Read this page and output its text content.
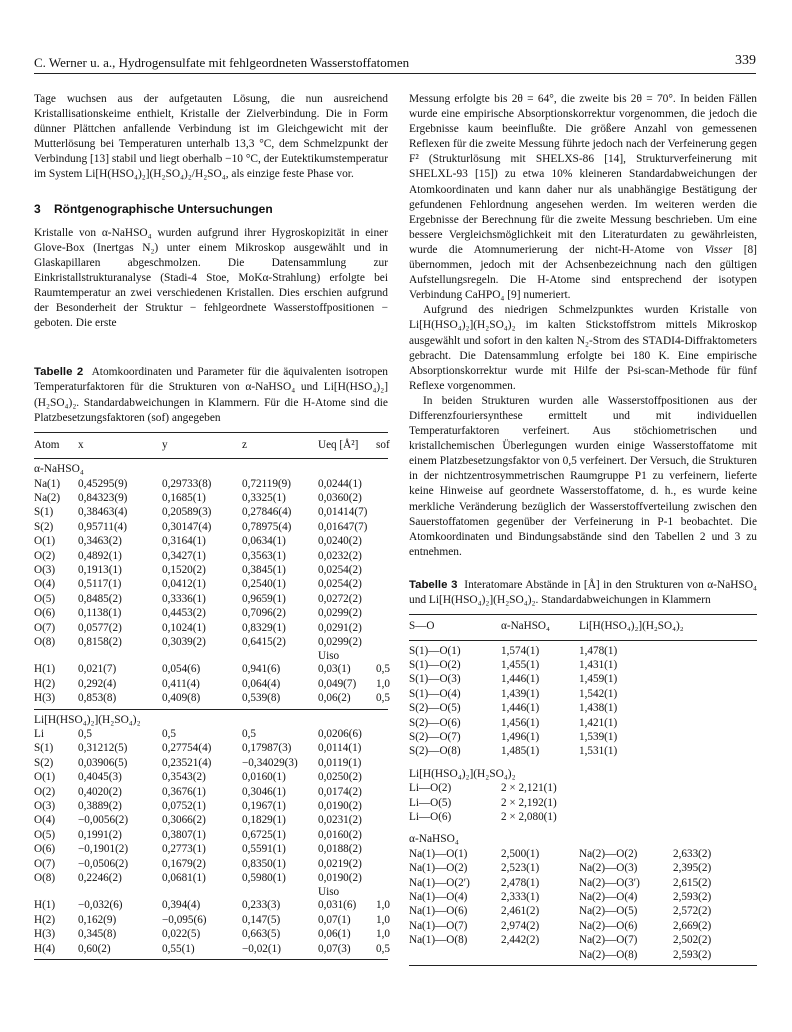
C. Werner u. a., Hydrogensulfate mit fehlgeordneten Wasserstoffatomen	339

Tage wuchsen aus der aufgetauten Lösung, die nun ausreichend Kristallisationskeime enthielt, Kristalle der Zielverbindung. Die in Form dünner Plättchen anfallende Verbindung ist im Gleichgewicht mit der Mutterlösung bei Temperaturen unterhalb 13,3 °C, dem Schmelzpunkt der Verbindung [13] stabil und liegt oberhalb −10 °C, der Eutektikumstemperatur im System Li[H(HSO₄)₂](H₂SO₄)₂/H₂SO₄, als einzige feste Phase vor.

3 Röntgenographische Untersuchungen

Kristalle von α-NaHSO₄ wurden aufgrund ihrer Hygroskopizität in einer Glove-Box (Inertgas N₂) unter einem Mikroskop ausgewählt und in Glaskapillaren abgeschmolzen. Die Datensammlung zur Einkristallstrukturanalyse (Stadi-4 Stoe, MoKα-Strahlung) erfolgte bei Raumtemperatur an zwei verschiedenen Kristallen. Dies erschien aufgrund der Besonderheit der Struktur − fehlgeordnete Wasserstoffpositionen − geboten. Die erste

Tabelle 2 Atomkoordinaten und Parameter für die äquivalenten isotropen Temperaturfaktoren für die Strukturen von α-NaHSO₄ und Li[H(HSO₄)₂](H₂SO₄)₂. Standardabweichungen in Klammern. Für die H-Atome sind die Platzbesetzungsfaktoren (sof) angegeben
Atom	x	y	z	Ueq [Å²]	sof
α-NaHSO₄
Na(1)	0,45295(9)	0,29733(8)	0,72119(9)	0,0244(1)
Na(2)	0,84323(9)	0,1685(1)	0,3325(1)	0,0360(2)
S(1)	0,38463(4)	0,20589(3)	0,27846(4)	0,01414(7)
S(2)	0,95711(4)	0,30147(4)	0,78975(4)	0,01647(7)
O(1)	0,3463(2)	0,3164(1)	0,0634(1)	0,0240(2)
O(2)	0,4892(1)	0,3427(1)	0,3563(1)	0,0232(2)
O(3)	0,1913(1)	0,1520(2)	0,3845(1)	0,0254(2)
O(4)	0,5117(1)	0,0412(1)	0,2540(1)	0,0254(2)
O(5)	0,8485(2)	0,3336(1)	0,9659(1)	0,0272(2)
O(6)	0,1138(1)	0,4453(2)	0,7096(2)	0,0299(2)
O(7)	0,0577(2)	0,1024(1)	0,8329(1)	0,0291(2)
O(8)	0,8158(2)	0,3039(2)	0,6415(2)	0,0299(2)
Uiso
H(1)	0,021(7)	0,054(6)	0,941(6)	0,03(1)	0,5
H(2)	0,292(4)	0,411(4)	0,064(4)	0,049(7)	1,0
H(3)	0,853(8)	0,409(8)	0,539(8)	0,06(2)	0,5
Li[H(HSO₄)₂](H₂SO₄)₂
Li	0,5	0,5	0,5	0,0206(6)
S(1)	0,31212(5)	0,27754(4)	0,17987(3)	0,0114(1)
S(2)	0,03906(5)	0,23521(4)	−0,34029(3)	0,0119(1)
O(1)	0,4045(3)	0,3543(2)	0,0160(1)	0,0250(2)
O(2)	0,4020(2)	0,3676(1)	0,3046(1)	0,0174(2)
O(3)	0,3889(2)	0,0752(1)	0,1967(1)	0,0190(2)
O(4)	−0,0056(2)	0,3066(2)	0,1829(1)	0,0231(2)
O(5)	0,1991(2)	0,3807(1)	0,6725(1)	0,0160(2)
O(6)	−0,1901(2)	0,2773(1)	0,5591(1)	0,0188(2)
O(7)	−0,0506(2)	0,1679(2)	0,8350(1)	0,0219(2)
O(8)	0,2246(2)	0,0681(1)	0,5980(1)	0,0190(2)
Uiso
H(1)	−0,032(6)	0,394(4)	0,233(3)	0,031(6)	1,0
H(2)	0,162(9)	−0,095(6)	0,147(5)	0,07(1)	1,0
H(3)	0,345(8)	0,022(5)	0,663(5)	0,06(1)	1,0
H(4)	0,60(2)	0,55(1)	−0,02(1)	0,07(3)	0,5

Messung erfolgte bis 2θ = 64°, die zweite bis 2θ = 70°. In beiden Fällen wurde eine empirische Absorptionskorrektur vorgenommen, die jedoch die Ergebnisse kaum beeinflußte. Die größere Anzahl von gemessenen Reflexen für die zweite Messung führte jedoch nach der Verfeinerung gegen F² (Strukturlösung mit SHELXS-86 [14], Strukturverfeinerung mit SHELXL-93 [15]) zu etwa 10% kleineren Standardabweichungen der Atomkoordinaten und kann daher nur als unabhängige Bestätigung der gefundenen Fehlordnung angesehen werden. Im weiteren werden die Ergebnisse der Berechnung für die zweite Messung beschrieben. Um eine bessere Vergleichsmöglichkeit mit den Literaturdaten zu gewährleisten, wurde die Atomnumerierung der nicht-H-Atome von Visser [8] übernommen, jedoch mit der Achsenbezeichnung nach den gültigen Aufstellungsregeln. Die H-Atome sind entsprechend der isotypen Verbindung CaHPO₄ [9] numeriert.

Aufgrund des niedrigen Schmelzpunktes wurden Kristalle von Li[H(HSO₄)₂](H₂SO₄)₂ im kalten Stickstoffstrom mittels Mikroskop ausgewählt und sofort in den kalten N₂-Strom des STADI4-Diffraktometers gebracht. Die Datensammlung erfolgte bei 180 K. Eine empirische Absorptionskorrektur wurde mit Hilfe der Psi-scan-Methode für fünf Reflexe vorgenommen.

In beiden Strukturen wurden alle Wasserstoffpositionen aus der Differenzfouriersynthese ermittelt und mit individuellen Temperaturfaktoren verfeinert. Aus stöchiometrischen und kristallchemischen Überlegungen wurden einige Wasserstoffatome mit einem Platzbesetzungsfaktor von 0,5 verfeinert. Der Versuch, die Strukturen in der nichtzentrosymmetrischen Raumgruppe P1 zu verfeinern, lieferte keine Hinweise auf geordnete Wasserstoffatome, d. h., es wurde keine merkliche Veränderung bezüglich der Wasserstoffverteilung zwischen den Sauerstoffatomen gegenüber der Verfeinerung in P-1 beobachtet. Die Atomkoordinaten und Bindungsabstände sind den Tabellen 2 und 3 zu entnehmen.

Tabelle 3 Interatomare Abstände in [Å] in den Strukturen von α-NaHSO₄ und Li[H(HSO₄)₂](H₂SO₄)₂. Standardabweichungen in Klammern
S—O	α-NaHSO₄	Li[H(HSO₄)₂](H₂SO₄)₂
S(1)—O(1)	1,574(1)	1,478(1)
S(1)—O(2)	1,455(1)	1,431(1)
S(1)—O(3)	1,446(1)	1,459(1)
S(1)—O(4)	1,439(1)	1,542(1)
S(2)—O(5)	1,446(1)	1,438(1)
S(2)—O(6)	1,456(1)	1,421(1)
S(2)—O(7)	1,496(1)	1,539(1)
S(2)—O(8)	1,485(1)	1,531(1)
Li[H(HSO₄)₂](H₂SO₄)₂
Li—O(2)	2 × 2,121(1)
Li—O(5)	2 × 2,192(1)
Li—O(6)	2 × 2,080(1)
α-NaHSO₄
Na(1)—O(1)	2,500(1)	Na(2)—O(2)	2,633(2)
Na(1)—O(2)	2,523(1)	Na(2)—O(3)	2,395(2)
Na(1)—O(2′)	2,478(1)	Na(2)—O(3′)	2,615(2)
Na(1)—O(4)	2,333(1)	Na(2)—O(4)	2,593(2)
Na(1)—O(6)	2,461(2)	Na(2)—O(5)	2,572(2)
Na(1)—O(7)	2,974(2)	Na(2)—O(6)	2,669(2)
Na(1)—O(8)	2,442(2)	Na(2)—O(7)	2,502(2)
Na(2)—O(8)	2,593(2)
